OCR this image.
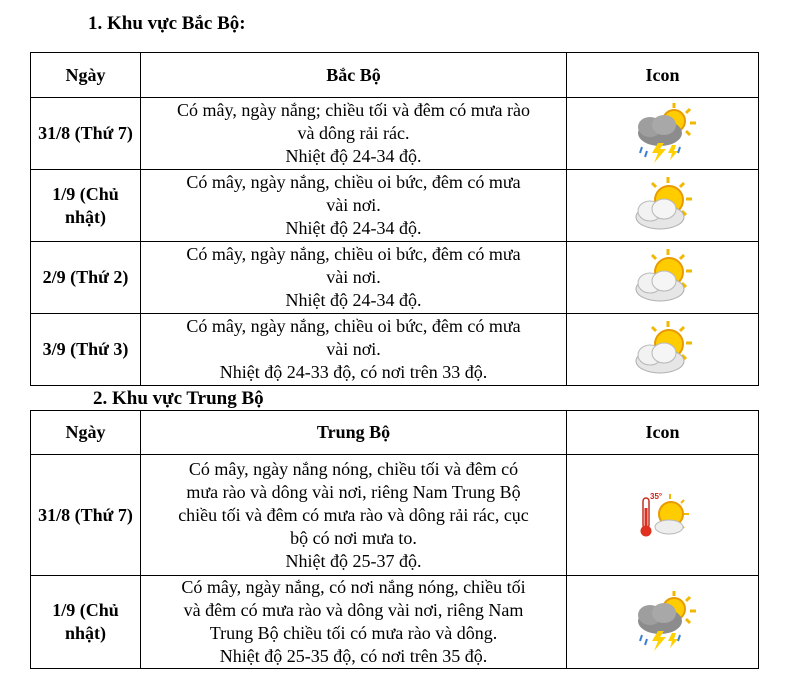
1. Khu vực Bắc Bộ:
Ngày	Bắc Bộ	Icon
31/8 (Thứ 7)	Có mây, ngày nắng; chiều tối và đêm có mưa rào
và dông rải rác.
Nhiệt độ 24-34 độ.

1/9 (Chủ nhật)	Có mây, ngày nắng, chiều oi bức, đêm có mưa
vài nơi.
Nhiệt độ 24-34 độ.

2/9 (Thứ 2)	Có mây, ngày nắng, chiều oi bức, đêm có mưa
vài nơi.
Nhiệt độ 24-34 độ.

3/9 (Thứ 3)	Có mây, ngày nắng, chiều oi bức, đêm có mưa
vài nơi.
Nhiệt độ 24-33 độ, có nơi trên 33 độ.

2. Khu vực Trung Bộ
Ngày	Trung Bộ	Icon
31/8 (Thứ 7)	Có mây, ngày nắng nóng, chiều tối và đêm có
mưa rào và dông vài nơi, riêng Nam Trung Bộ
chiều tối và đêm có mưa rào và dông rải rác, cục
bộ có nơi mưa to.
Nhiệt độ 25-37 độ.	35°

1/9 (Chủ nhật)	Có mây, ngày nắng, có nơi nắng nóng, chiều tối
và đêm có mưa rào và dông vài nơi, riêng Nam
Trung Bộ chiều tối có mưa rào và dông.
Nhiệt độ 25-35 độ, có nơi trên 35 độ.
